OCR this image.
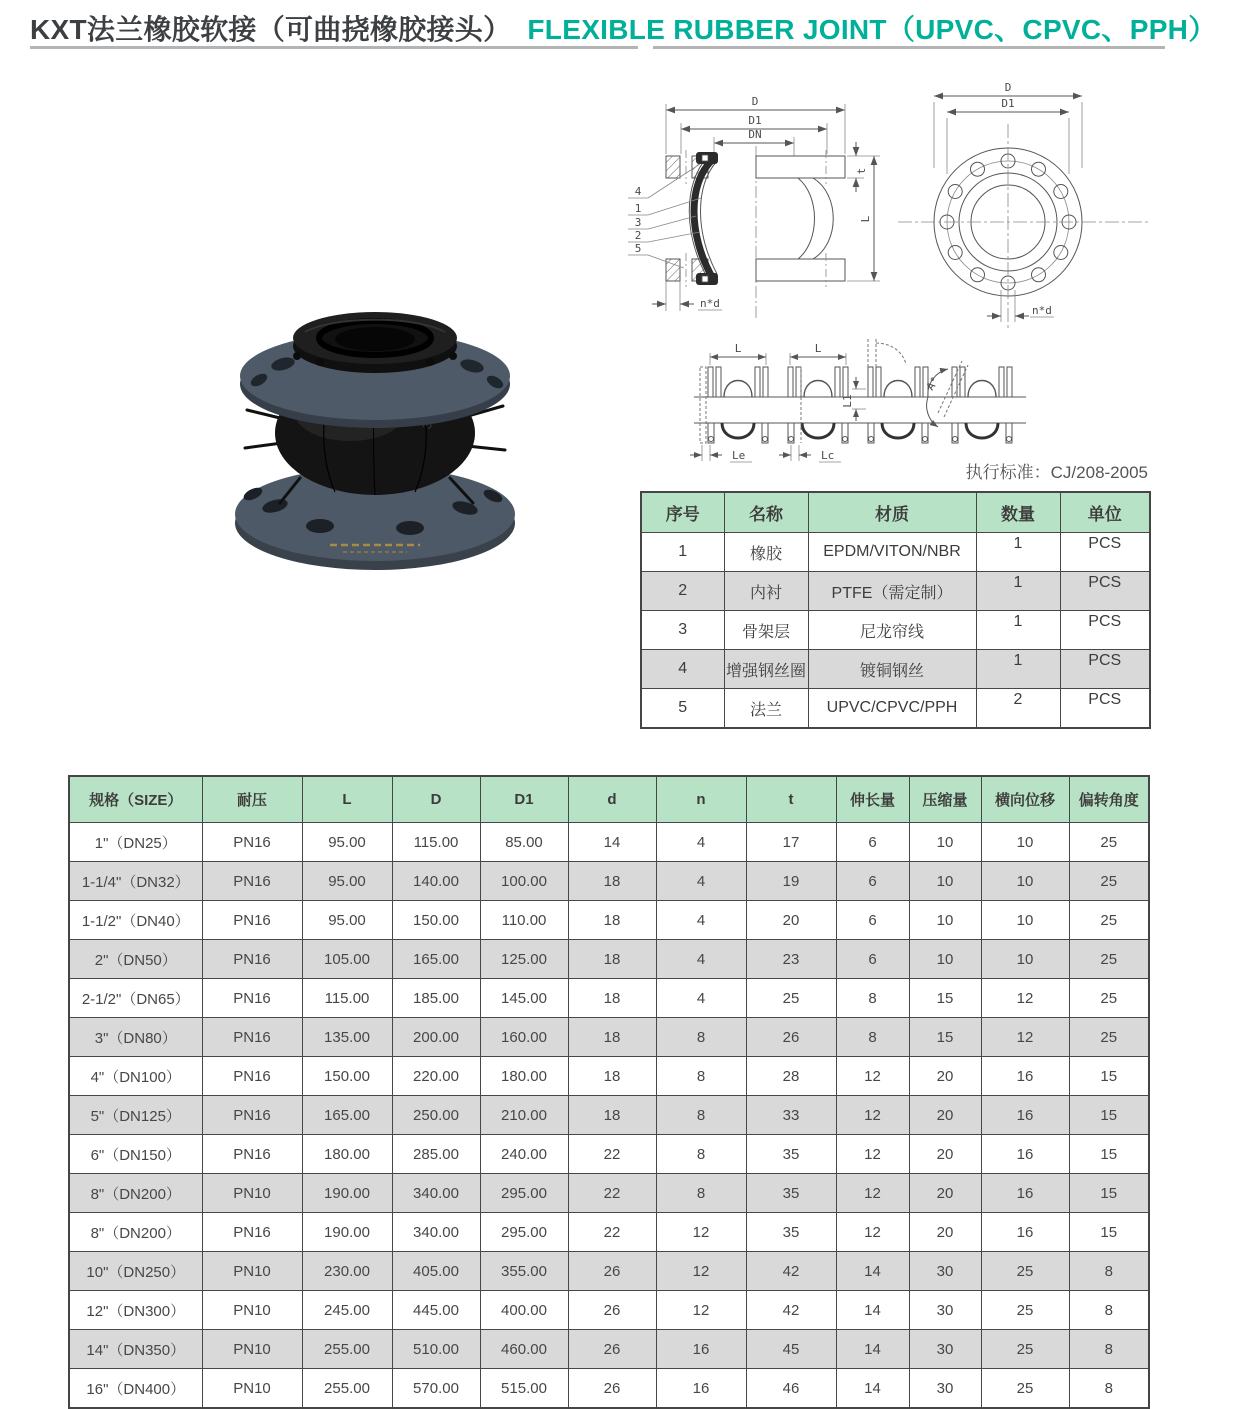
KXT法兰橡胶软接（可曲挠橡胶接头） FLEXIBLE RUBBER JOINT（UPVC、CPVC、PPH）
D
D1
DN
4
1
3
2
5
n*d
t
L
D
D1
n*d
L
Le
L
Lc
L1
A°
执行标准：CJ/208-2005
序号	名称	材质	数量	单位
1	橡胶	EPDM/VITON/NBR	1	PCS
2	内衬	PTFE（需定制）	1	PCS
3	骨架层	尼龙帘线	1	PCS
4	增强钢丝圈	镀铜钢丝	1	PCS
5	法兰	UPVC/CPVC/PPH	2	PCS
规格（SIZE）	耐压	L	D	D1	d	n	t	伸长量	压缩量	横向位移	偏转角度
1"（DN25）	PN16	95.00	115.00	85.00	14	4	17	6	10	10	25
1-1/4"（DN32）	PN16	95.00	140.00	100.00	18	4	19	6	10	10	25
1-1/2"（DN40）	PN16	95.00	150.00	110.00	18	4	20	6	10	10	25
2"（DN50）	PN16	105.00	165.00	125.00	18	4	23	6	10	10	25
2-1/2"（DN65）	PN16	115.00	185.00	145.00	18	4	25	8	15	12	25
3"（DN80）	PN16	135.00	200.00	160.00	18	8	26	8	15	12	25
4"（DN100）	PN16	150.00	220.00	180.00	18	8	28	12	20	16	15
5"（DN125）	PN16	165.00	250.00	210.00	18	8	33	12	20	16	15
6"（DN150）	PN16	180.00	285.00	240.00	22	8	35	12	20	16	15
8"（DN200）	PN10	190.00	340.00	295.00	22	8	35	12	20	16	15
8"（DN200）	PN16	190.00	340.00	295.00	22	12	35	12	20	16	15
10"（DN250）	PN10	230.00	405.00	355.00	26	12	42	14	30	25	8
12"（DN300）	PN10	245.00	445.00	400.00	26	12	42	14	30	25	8
14"（DN350）	PN10	255.00	510.00	460.00	26	16	45	14	30	25	8
16"（DN400）	PN10	255.00	570.00	515.00	26	16	46	14	30	25	8
